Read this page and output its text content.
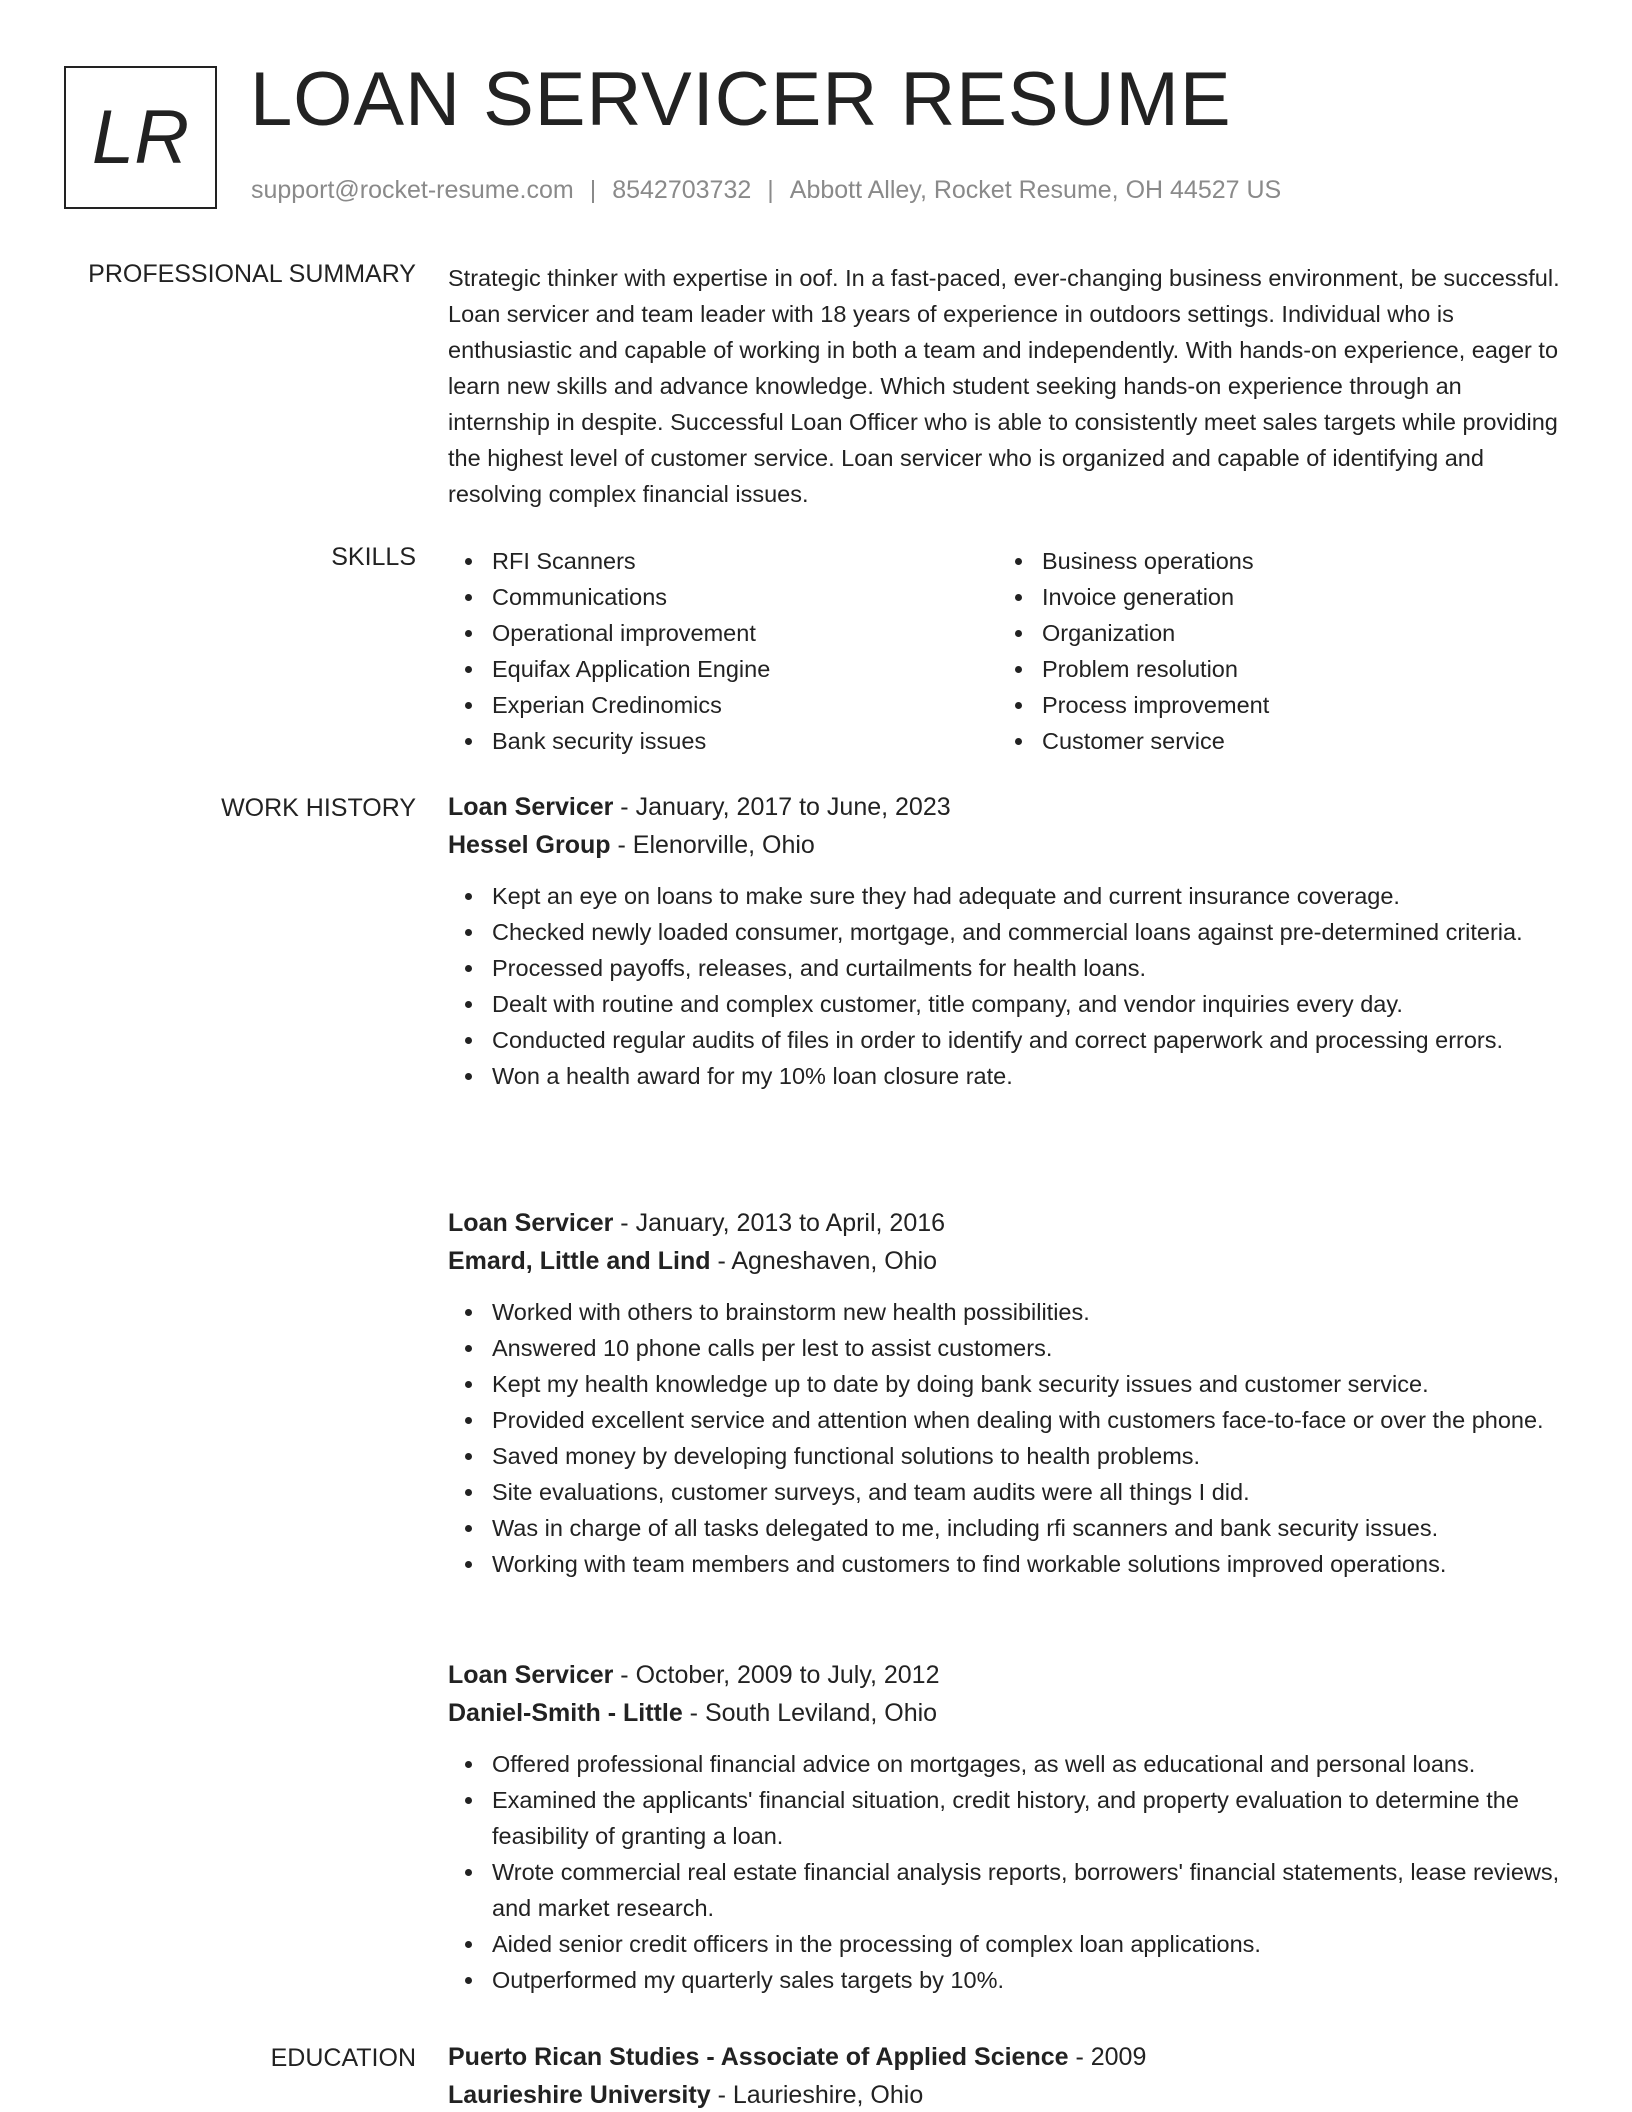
LR LOAN SERVICER RESUME
support@rocket-resume.com | 8542703732 | Abbott Alley, Rocket Resume, OH 44527 US
PROFESSIONAL SUMMARY Strategic thinker with expertise in oof. In a fast-paced, ever-changing business environment, be successful. Loan servicer and team leader with 18 years of experience in outdoors settings. Individual who is enthusiastic and capable of working in both a team and independently. With hands-on experience, eager to learn new skills and advance knowledge. Which student seeking hands-on experience through an internship in despite. Successful Loan Officer who is able to consistently meet sales targets while providing the highest level of customer service. Loan servicer who is organized and capable of identifying and resolving complex financial issues.
SKILLS	RFI Scanners
Communications
Operational improvement
Equifax Application Engine
Experian Credinomics
Bank security issues
Business operations
Invoice generation
Organization
Problem resolution
Process improvement
Customer service
WORK HISTORY Loan Servicer - January, 2017 to June, 2023
Hessel Group - Elenorville, Ohio
Kept an eye on loans to make sure they had adequate and current insurance coverage.
Checked newly loaded consumer, mortgage, and commercial loans against pre-determined criteria.
Processed payoffs, releases, and curtailments for health loans.
Dealt with routine and complex customer, title company, and vendor inquiries every day.
Conducted regular audits of files in order to identify and correct paperwork and processing errors.
Won a health award for my 10% loan closure rate.
Loan Servicer - January, 2013 to April, 2016
Emard, Little and Lind - Agneshaven, Ohio
Worked with others to brainstorm new health possibilities.
Answered 10 phone calls per lest to assist customers.
Kept my health knowledge up to date by doing bank security issues and customer service.
Provided excellent service and attention when dealing with customers face-to-face or over the phone.
Saved money by developing functional solutions to health problems.
Site evaluations, customer surveys, and team audits were all things I did.
Was in charge of all tasks delegated to me, including rfi scanners and bank security issues.
Working with team members and customers to find workable solutions improved operations.
Loan Servicer - October, 2009 to July, 2012
Daniel-Smith - Little - South Leviland, Ohio
Offered professional financial advice on mortgages, as well as educational and personal loans.
Examined the applicants' financial situation, credit history, and property evaluation to determine the feasibility of granting a loan.
Wrote commercial real estate financial analysis reports, borrowers' financial statements, lease reviews, and market research.
Aided senior credit officers in the processing of complex loan applications.
Outperformed my quarterly sales targets by 10%.
EDUCATION Puerto Rican Studies - Associate of Applied Science - 2009
Laurieshire University - Laurieshire, Ohio
